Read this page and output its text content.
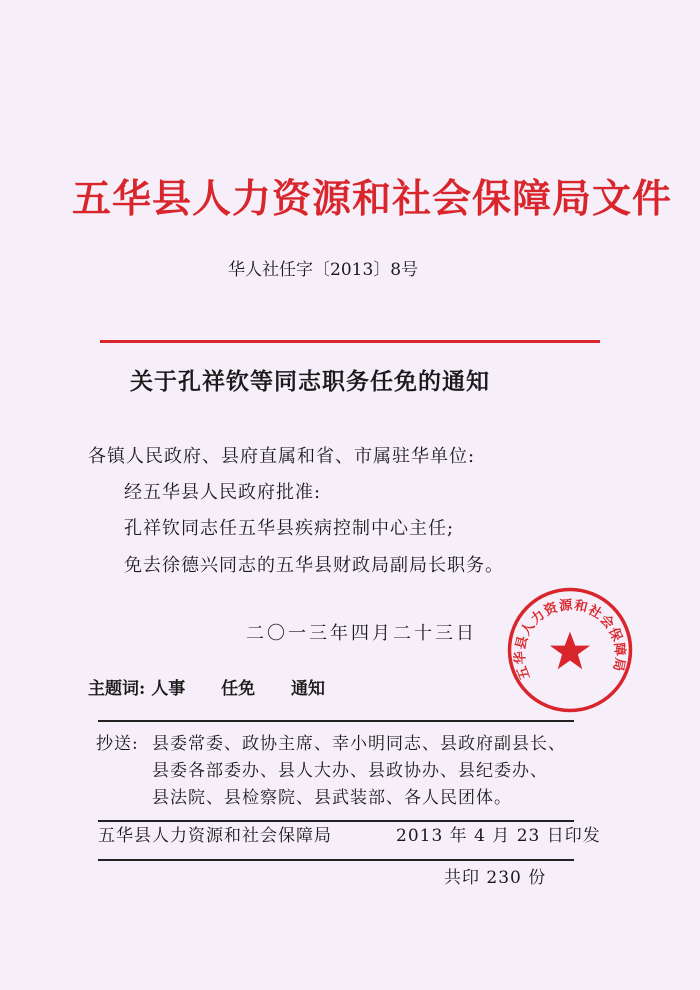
五华县人力资源和社会保障局文件
华人社任字〔2013〕8号
关于孔祥钦等同志职务任免的通知
各镇人民政府、县府直属和省、市属驻华单位:
经五华县人民政府批准:
孔祥钦同志任五华县疾病控制中心主任;
免去徐德兴同志的五华县财政局副局长职务。
二〇一三年四月二十三日
五华县人力资源和社会保障局
主题词: 人事 任免 通知
抄送: 县委常委、政协主席、幸小明同志、县政府副县长、
县委各部委办、县人大办、县政协办、县纪委办、
县法院、县检察院、县武装部、各人民团体。
五华县人力资源和社会保障局	2013 年 4 月 23 日印发
共印 230 份
